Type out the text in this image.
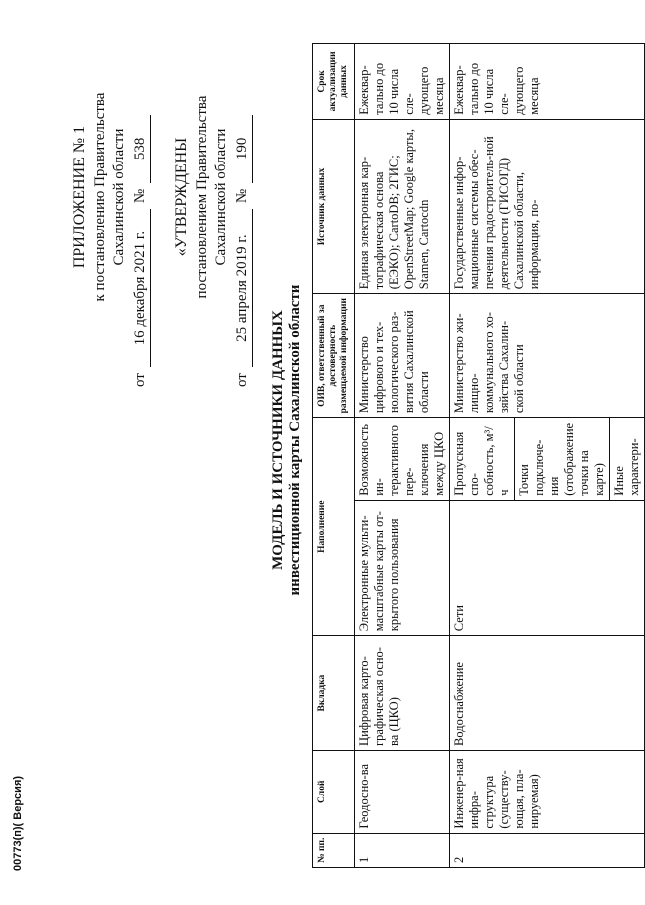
ПРИЛОЖЕНИЕ № 1 к постановлению Правительства Сахалинской области
от
16 декабря 2021 г.
№
538 «УТВЕРЖДЕНЫ постановлением Правительства Сахалинской области
от
25 апреля 2019 г.
№
190
МОДЕЛЬ И ИСТОЧНИКИ ДАННЫХ инвестиционной карты Сахалинской области
№ пп.	Слой	Вкладка	Наполнение		ОИВ, ответственный за достоверность размещаемой информации	Источник данных	Срок актуализации данных
1	Геодосно-ва	Цифровая карто-графическая осно-ва (ЦКО)	Электронные мульти-масштабные карты от-крытого пользования	Возможность ин-терактивного пере-ключения между ЦКО	Министерство цифрового и тех-нологического раз-вития Сахалинской области	Единая электронная кар-тографическая основа (ЕЭКО); CartoDB; 2ГИС; OpenStreetMap; Google карты, Stamen, Cartocdn	Ежеквар-тально до 10 числа сле-дующего месяца
2	Инженер-ная инфра-структура (существу-ющая, пла-нируемая)	Водоснабжение	Сети	Пропускная спо-собность, м³/ч Точки подключе-ния (отображение точки на карте) Иные характери-	Министерство жи-лищно-коммунального хо-зяйства Сахалин-ской области	Государственные инфор-мационные системы обес-печения градостроитель-ной деятельности (ГИСОГД) Сахалинской области, информация, по-	Ежеквар-тально до 10 числа сле-дующего месяца
00773(п)( Версия)
